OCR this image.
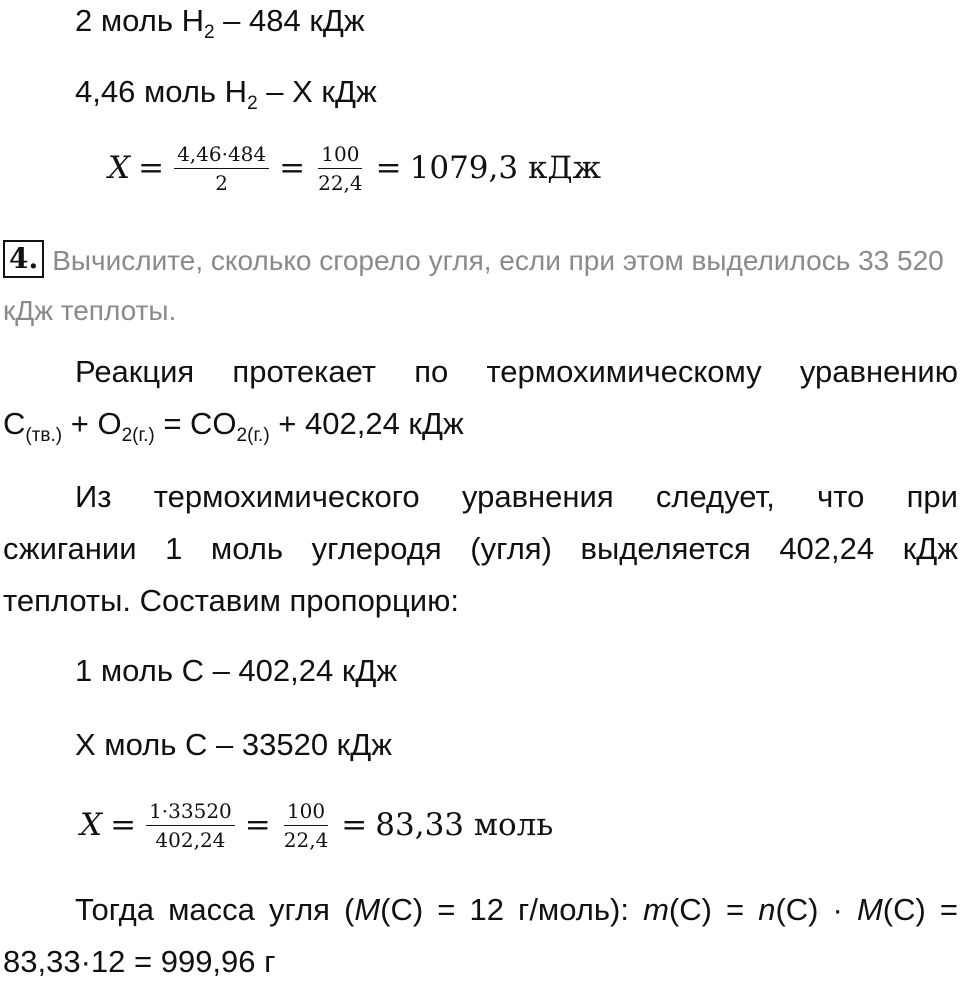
2 моль $H_2 - 484$ кДж
4,46 моль $H_2$ – X кДж
$X = \frac{4,46\cdot 484}{2} = \frac{100}{22,4} = 1079,3$ кДж
4. Вычислите, сколько сгорело угля, если при этом выделилось 33 520 кДж теплоты.
Реакция протекает по термохимическому уравнению
$C_{(тв.)} + O_{2(г.)} = CO_{2(г.)} + 402,24$ кДж
Из термохимического уравнения следует, что при
сжигании 1 моль углеродя (угля) выделяется 402,24 кДж
теплоты. Составим пропорцию:
1 моль C – 402,24 кДж
X моль C – 33520 кДж
$X = \frac{1\cdot 33520}{402,24} = \frac{100}{22,4} = 83,33$ моль
Тогда масса угля (M(C) = 12 г/моль): m(C) = n(C) · M(C) =
83,33·12 = 999,96 г
